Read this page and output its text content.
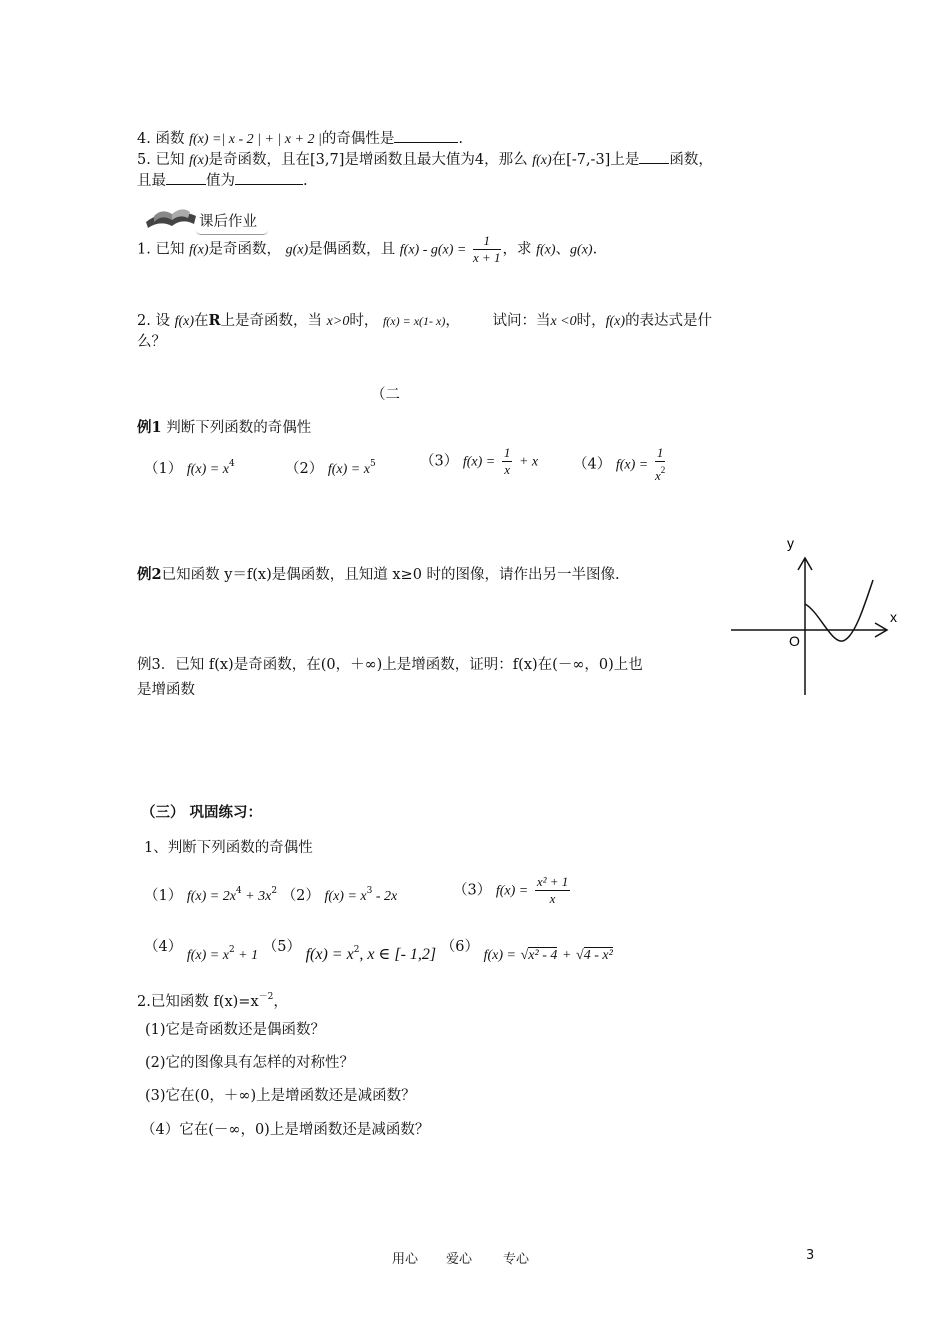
4. 函数 f(x) =| x - 2 | + | x + 2 |的奇偶性是	.
5. 已知 f(x)是奇函数，且在[3,7]是增函数且最大值为4，那么 f(x)在[-7,-3]上是 函数，
且最	值为	.
课后作业
1. 已知 f(x)是奇函数， g(x)是偶函数，且 $f(x) - g(x) = \frac{1}{x + 1}$ ，求 f(x)、g(x).
2. 设 f(x)在R上是奇函数，当 x>0时， f(x) = x(1- x)， 试问：当x <0时，f(x)的表达式是什
么？
（二
例1 判断下列函数的奇偶性
（1） $f(x) = x^4$	（2） $f(x) = x^5$	（3） $f(x) = \frac{1}{x} + x$ （4） $f(x) = \frac{1}{x^2}$
例2已知函数 y＝f(x)是偶函数，且知道 x≥0 时的图像，请作出另一半图像.
y
x
O
例3．已知 f(x)是奇函数，在(0，＋∞)上是增函数，证明：f(x)在(－∞，0)上也
是增函数
（三） 巩固练习：
1、判断下列函数的奇偶性
（1） $f(x) = 2x^4 + 3x^2$ （2） $f(x) = x^3 - 2x$	（3） $f(x) = \frac{\text{x² + 1}}{x}$
（4） $f(x) = x^2 + 1$ （5） $f(x) = x^2$, x ∈ [- 1,2] （6） f(x) = √x² - 4 + √4 - x²
2.已知函数 $f(x)=x^{-2}$，
(1)它是奇函数还是偶函数？
(2)它的图像具有怎样的对称性？
(3)它在(0，＋∞)上是增函数还是减函数？
（4）它在(－∞，0)上是增函数还是减函数？
用心 爱心 专心	3
